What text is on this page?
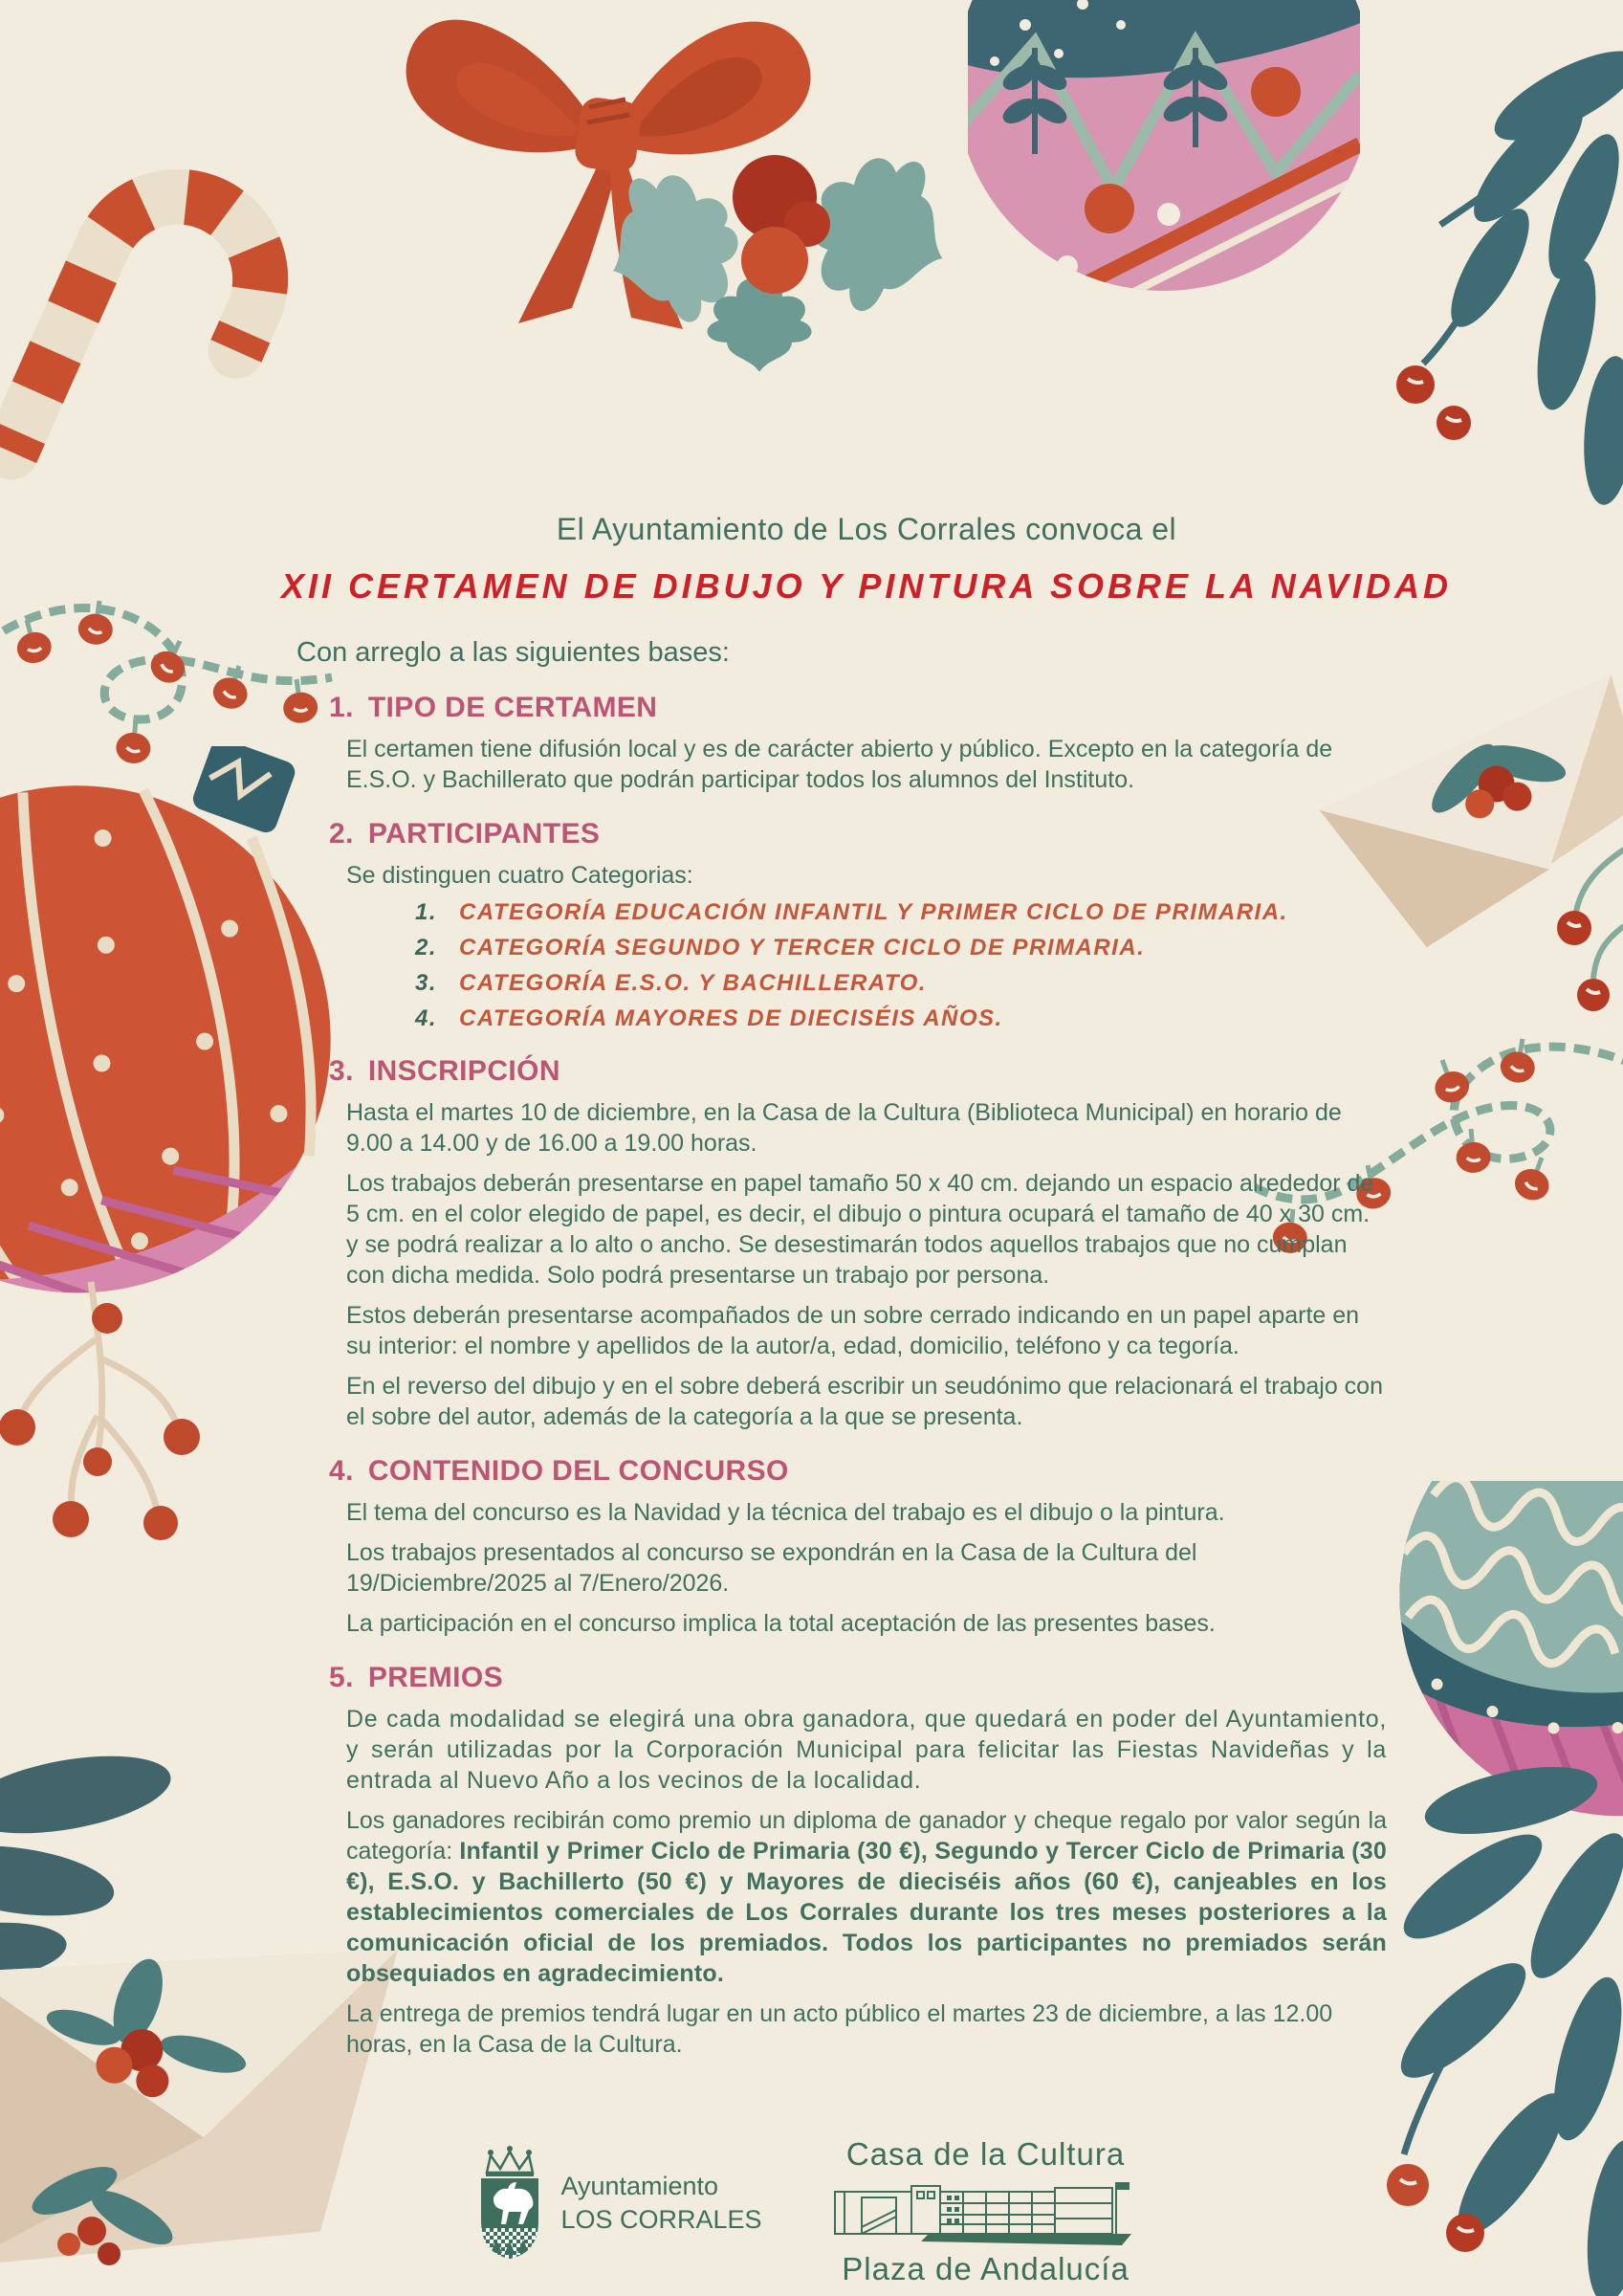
El Ayuntamiento de Los Corrales convoca el
XII CERTAMEN DE DIBUJO Y PINTURA SOBRE LA NAVIDAD
Con arreglo a las siguientes bases:
1. TIPO DE CERTAMEN

El certamen tiene difusión local y es de carácter abierto y público. Excepto en la categoría de E.S.O. y Bachillerato que podrán participar todos los alumnos del Instituto.

2. PARTICIPANTES

Se distinguen cuatro Categorias:

1. CATEGORÍA EDUCACIÓN INFANTIL Y PRIMER CICLO DE PRIMARIA.
2. CATEGORÍA SEGUNDO Y TERCER CICLO DE PRIMARIA.
3. CATEGORÍA E.S.O. Y BACHILLERATO.
4. CATEGORÍA MAYORES DE DIECISÉIS AÑOS.
3. INSCRIPCIÓN

Hasta el martes 10 de diciembre, en la Casa de la Cultura (Biblioteca Municipal) en horario de 9.00 a 14.00 y de 16.00 a 19.00 horas.

Los trabajos deberán presentarse en papel tamaño 50 x 40 cm. dejando un espacio alrededor de 5 cm. en el color elegido de papel, es decir, el dibujo o pintura ocupará el tamaño de 40 x 30 cm. y se podrá realizar a lo alto o ancho. Se desestimarán todos aquellos trabajos que no cumplan con dicha medida. Solo podrá presentarse un trabajo por persona.

Estos deberán presentarse acompañados de un sobre cerrado indicando en un papel aparte en su interior: el nombre y apellidos de la autor/a, edad, domicilio, teléfono y ca tegoría.

En el reverso del dibujo y en el sobre deberá escribir un seudónimo que relacionará el trabajo con el sobre del autor, además de la categoría a la que se presenta.

4. CONTENIDO DEL CONCURSO

El tema del concurso es la Navidad y la técnica del trabajo es el dibujo o la pintura.

Los trabajos presentados al concurso se expondrán en la Casa de la Cultura del 19/Diciembre/2025 al 7/Enero/2026.

La participación en el concurso implica la total aceptación de las presentes bases.

5. PREMIOS

De cada modalidad se elegirá una obra ganadora, que quedará en poder del Ayuntamiento, y serán utilizadas por la Corporación Municipal para felicitar las Fiestas Navideñas y la entrada al Nuevo Año a los vecinos de la localidad.

Los ganadores recibirán como premio un diploma de ganador y cheque regalo por valor según la categoría: Infantil y Primer Ciclo de Primaria (30 €), Segundo y Tercer Ciclo de Primaria (30 €), E.S.O. y Bachillerto (50 €) y Mayores de dieciséis años (60 €), canjeables en los establecimientos comerciales de Los Corrales durante los tres meses posteriores a la comunicación oficial de los premiados. Todos los participantes no premiados serán obsequiados en agradecimiento.

La entrega de premios tendrá lugar en un acto público el martes 23 de diciembre, a las 12.00 horas, en la Casa de la Cultura.

Ayuntamiento
LOS CORRALES
Casa de la Cultura
Plaza de Andalucía
